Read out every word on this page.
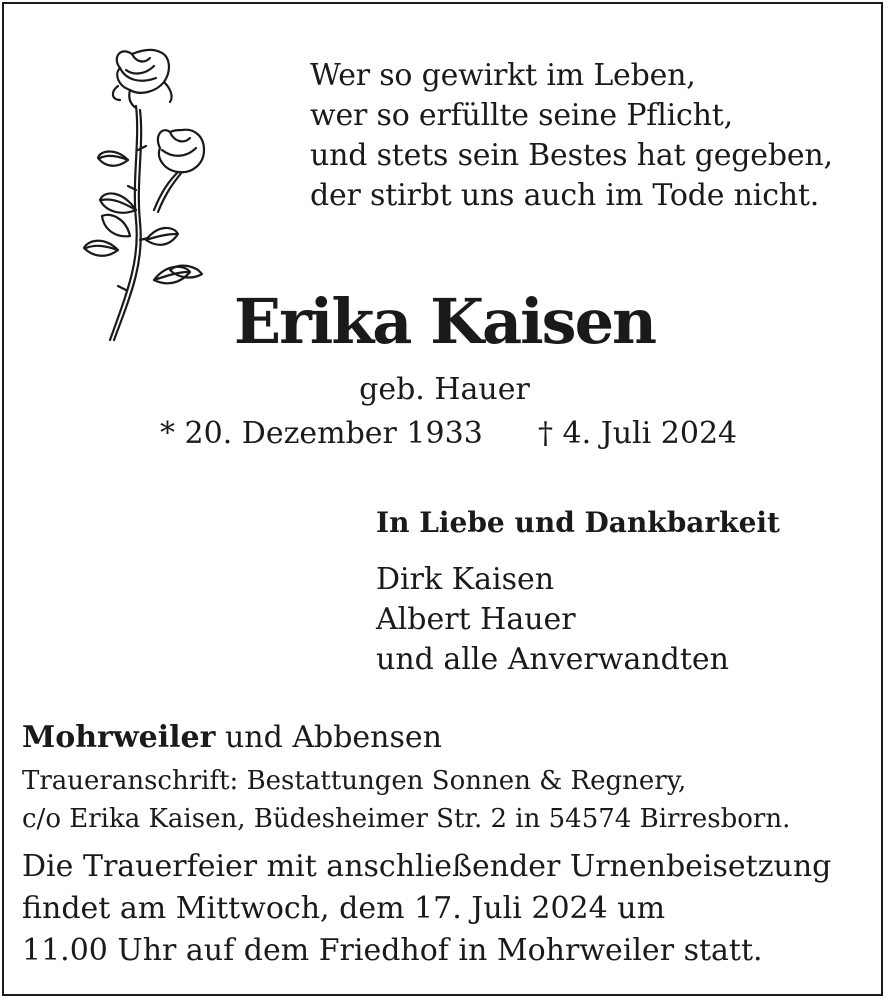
Wer so gewirkt im Leben,
wer so erfüllte seine Pflicht,
und stets sein Bestes hat gegeben,
der stirbt uns auch im Tode nicht.
Erika Kaisen
geb. Hauer
* 20. Dezember 1933 † 4. Juli 2024
In Liebe und Dankbarkeit
Dirk Kaisen
Albert Hauer
und alle Anverwandten
Mohrweiler und Abbensen
Traueranschrift: Bestattungen Sonnen & Regnery,
c/o Erika Kaisen, Büdesheimer Str. 2 in 54574 Birresborn.
Die Trauerfeier mit anschließender Urnenbeisetzung
findet am Mittwoch, dem 17. Juli 2024 um
11.00 Uhr auf dem Friedhof in Mohrweiler statt.
